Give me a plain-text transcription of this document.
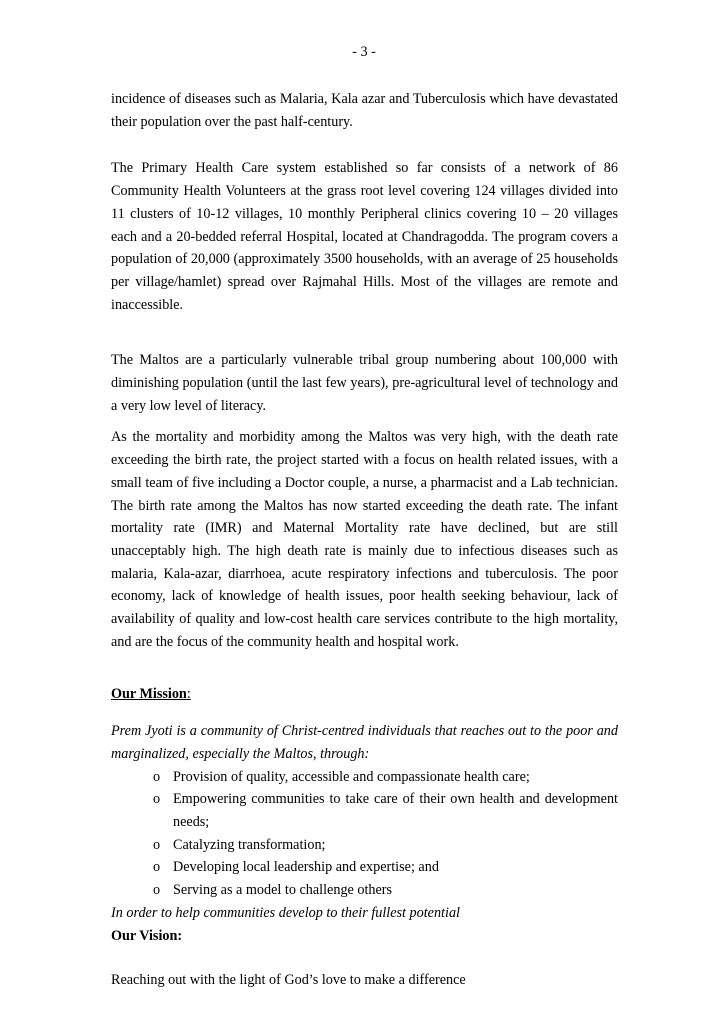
- 3 -

incidence of diseases such as Malaria, Kala azar and Tuberculosis which have devastated their population over the past half-century.

The Primary Health Care system established so far consists of a network of 86 Community Health Volunteers at the grass root level covering 124 villages divided into 11 clusters of 10-12 villages, 10 monthly Peripheral clinics covering 10 – 20 villages each and a 20-bedded referral Hospital, located at Chandragodda. The program covers a population of 20,000 (approximately 3500 households, with an average of 25 households per village/hamlet) spread over Rajmahal Hills. Most of the villages are remote and inaccessible.

The Maltos are a particularly vulnerable tribal group numbering about 100,000 with diminishing population (until the last few years), pre-agricultural level of technology and a very low level of literacy.

As the mortality and morbidity among the Maltos was very high, with the death rate exceeding the birth rate, the project started with a focus on health related issues, with a small team of five including a Doctor couple, a nurse, a pharmacist and a Lab technician. The birth rate among the Maltos has now started exceeding the death rate. The infant mortality rate (IMR) and Maternal Mortality rate have declined, but are still unacceptably high. The high death rate is mainly due to infectious diseases such as malaria, Kala-azar, diarrhoea, acute respiratory infections and tuberculosis. The poor economy, lack of knowledge of health issues, poor health seeking behaviour, lack of availability of quality and low-cost health care services contribute to the high mortality, and are the focus of the community health and hospital work.

Our Mission:

Prem Jyoti is a community of Christ-centred individuals that reaches out to the poor and marginalized, especially the Maltos, through:

o Provision of quality, accessible and compassionate health care;
o Empowering communities to take care of their own health and development needs;
o Catalyzing transformation;
o Developing local leadership and expertise; and
o Serving as a model to challenge others

In order to help communities develop to their fullest potential

Our Vision:

Reaching out with the light of God’s love to make a difference
